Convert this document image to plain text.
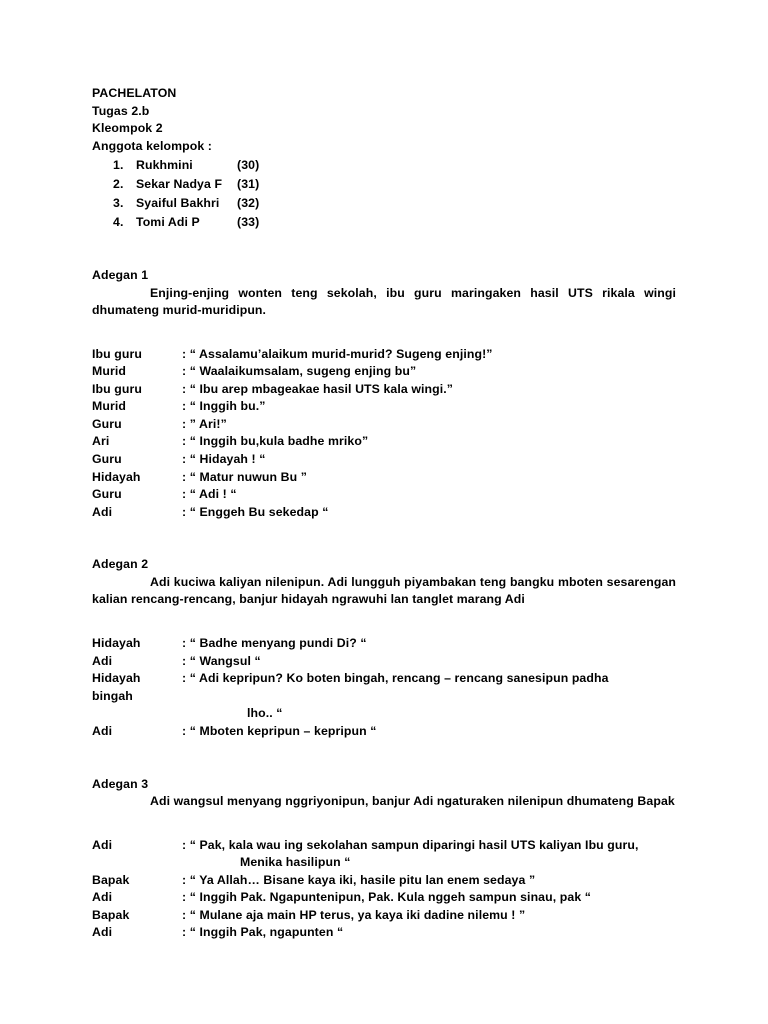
PACHELATON
Tugas 2.b
Kleompok 2
Anggota kelompok :
1.	Rukhmini	(30)
2.	Sekar Nadya F	(31)
3.	Syaiful Bakhri	(32)
4.	Tomi Adi P	(33)
Adegan 1
Enjing-enjing wonten teng sekolah, ibu guru maringaken hasil UTS rikala wingi dhumateng murid-muridipun.
Ibu guru	: “ Assalamu’alaikum murid-murid? Sugeng enjing!”
Murid	: “ Waalaikumsalam, sugeng enjing bu”
Ibu guru	: “ Ibu arep mbageakae hasil UTS kala wingi.”
Murid	: “ Inggih bu.”
Guru	: ” Ari!”
Ari	: “ Inggih bu,kula badhe mriko”
Guru	: “ Hidayah ! “
Hidayah	: “ Matur nuwun Bu ”
Guru	: “ Adi ! “
Adi	: “ Enggeh Bu sekedap “
Adegan 2
Adi kuciwa kaliyan nilenipun. Adi lungguh piyambakan teng bangku mboten sesarengan kalian rencang-rencang, banjur hidayah ngrawuhi lan tanglet marang Adi
Hidayah	: “ Badhe menyang pundi Di? “
Adi	: “ Wangsul “
Hidayah	: “ Adi kepripun? Ko boten bingah, rencang – rencang sanesipun padha
bingah
lho.. “
Adi	: “ Mboten kepripun – kepripun “
Adegan 3
Adi wangsul menyang nggriyonipun, banjur Adi ngaturaken nilenipun dhumateng Bapak
Adi	: “ Pak, kala wau ing sekolahan sampun diparingi hasil UTS kaliyan Ibu guru,
Menika hasilipun “
Bapak	: “ Ya Allah… Bisane kaya iki, hasile pitu lan enem sedaya ”
Adi	: “ Inggih Pak. Ngapuntenipun, Pak. Kula nggeh sampun sinau, pak “
Bapak	: “ Mulane aja main HP terus, ya kaya iki dadine nilemu ! ”
Adi	: “ Inggih Pak, ngapunten “
